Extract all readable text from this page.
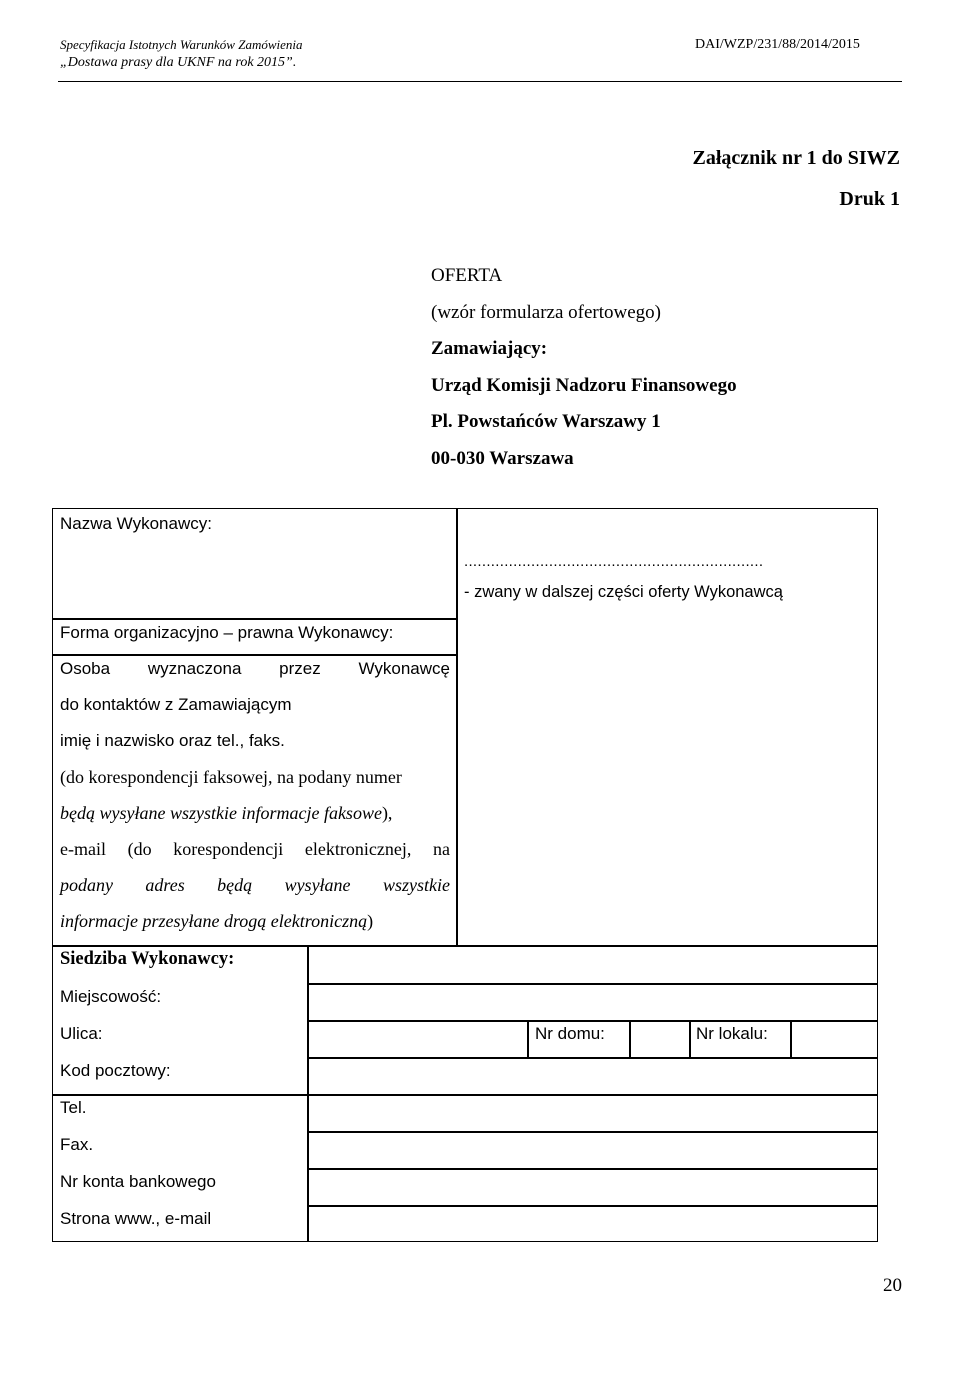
Specyfikacja Istotnych Warunków Zamówienia
„Dostawa prasy dla UKNF na rok 2015”.
DAI/WZP/231/88/2014/2015
Załącznik nr 1 do SIWZ
Druk 1
OFERTA
(wzór formularza ofertowego)
Zamawiający:
Urząd Komisji Nadzoru Finansowego
Pl. Powstańców Warszawy 1
00-030 Warszawa
Nazwa Wykonawcy:
Forma organizacyjno – prawna Wykonawcy:
Osoba wyznaczona przez Wykonawcę
do kontaktów z Zamawiającym
imię i nazwisko oraz tel., faks.
(do korespondencji faksowej, na podany numer
będą wysyłane wszystkie informacje faksowe),
e-mail (do korespondencji elektronicznej, na
podany adres będą wysyłane wszystkie
informacje przesyłane drogą elektroniczną)
...................................................................
- zwany w dalszej części oferty Wykonawcą
Siedziba Wykonawcy:
Miejscowość:
Ulica:	Nr domu:	Nr lokalu:
Kod pocztowy:
Tel.
Fax.
Nr konta bankowego
Strona www., e-mail
20
